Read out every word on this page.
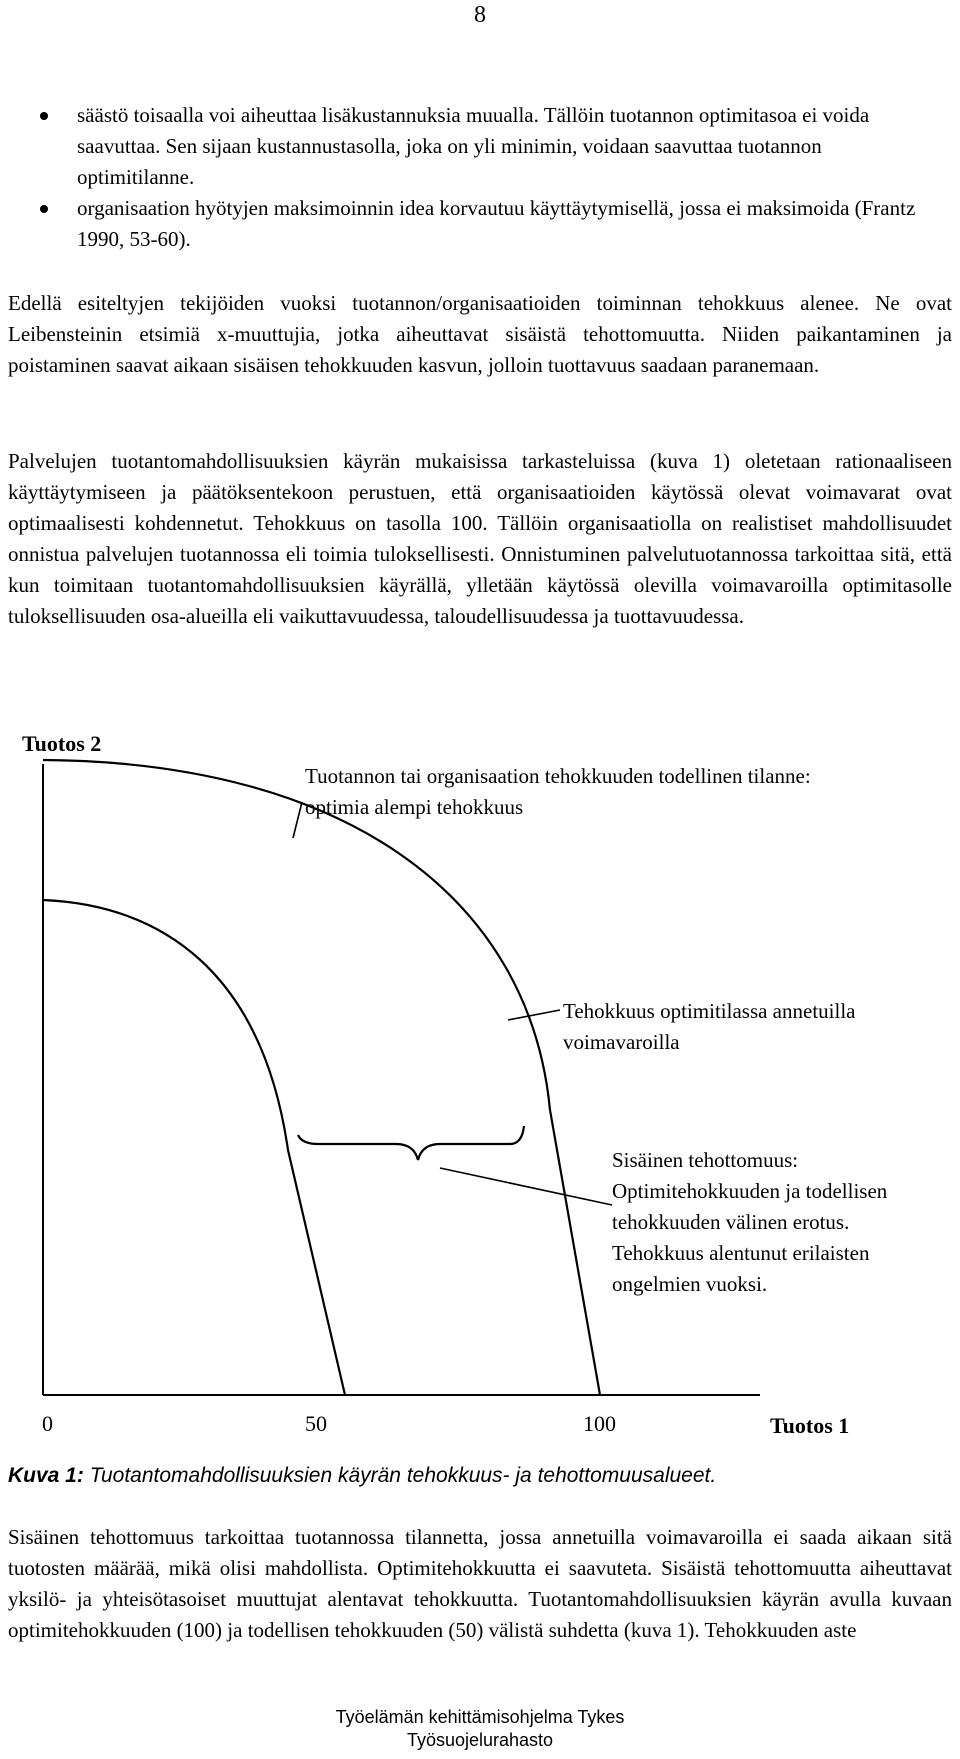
8
säästö toisaalla voi aiheuttaa lisäkustannuksia muualla. Tällöin tuotannon optimitasoa ei voida saavuttaa. Sen sijaan kustannustasolla, joka on yli minimin, voidaan saavuttaa tuotannon optimitilanne.
organisaation hyötyjen maksimoinnin idea korvautuu käyttäytymisellä, jossa ei maksimoida (Frantz 1990, 53-60).

Edellä esiteltyjen tekijöiden vuoksi tuotannon/organisaatioiden toiminnan tehokkuus alenee. Ne ovat Leibensteinin etsimiä x-muuttujia, jotka aiheuttavat sisäistä tehottomuutta. Niiden paikantaminen ja poistaminen saavat aikaan sisäisen tehokkuuden kasvun, jolloin tuottavuus saadaan paranemaan.

Palvelujen tuotantomahdollisuuksien käyrän mukaisissa tarkasteluissa (kuva 1) oletetaan rationaaliseen käyttäytymiseen ja päätöksentekoon perustuen, että organisaatioiden käytössä olevat voimavarat ovat optimaalisesti kohdennetut. Tehokkuus on tasolla 100. Tällöin organisaatiolla on realistiset mahdollisuudet onnistua palvelujen tuotannossa eli toimia tuloksellisesti. Onnistuminen palvelutuotannossa tarkoittaa sitä, että kun toimitaan tuotantomahdollisuuksien käyrällä, ylletään käytössä olevilla voimavaroilla optimitasolle tuloksellisuuden osa-alueilla eli vaikuttavuudessa, taloudellisuudessa ja tuottavuudessa.

Tuotos 2
Tuotos 1
0	50	100
Tuotannon tai organisaation tehokkuuden todellinen tilanne: optimia alempi tehokkuus
Tehokkuus optimitilassa annetuilla voimavaroilla
Sisäinen tehottomuus: Optimitehokkuuden ja todellisen tehokkuuden välinen erotus. Tehokkuus alentunut erilaisten ongelmien vuoksi.
Kuva 1: Tuotantomahdollisuuksien käyrän tehokkuus- ja tehottomuusalueet.

Sisäinen tehottomuus tarkoittaa tuotannossa tilannetta, jossa annetuilla voimavaroilla ei saada aikaan sitä tuotosten määrää, mikä olisi mahdollista. Optimitehokkuutta ei saavuteta. Sisäistä tehottomuutta aiheuttavat yksilö- ja yhteisötasoiset muuttujat alentavat tehokkuutta. Tuotantomahdollisuuksien käyrän avulla kuvaan optimitehokkuuden (100) ja todellisen tehokkuuden (50) välistä suhdetta (kuva 1). Tehokkuuden aste

Työelämän kehittämisohjelma Tykes
Työsuojelurahasto
